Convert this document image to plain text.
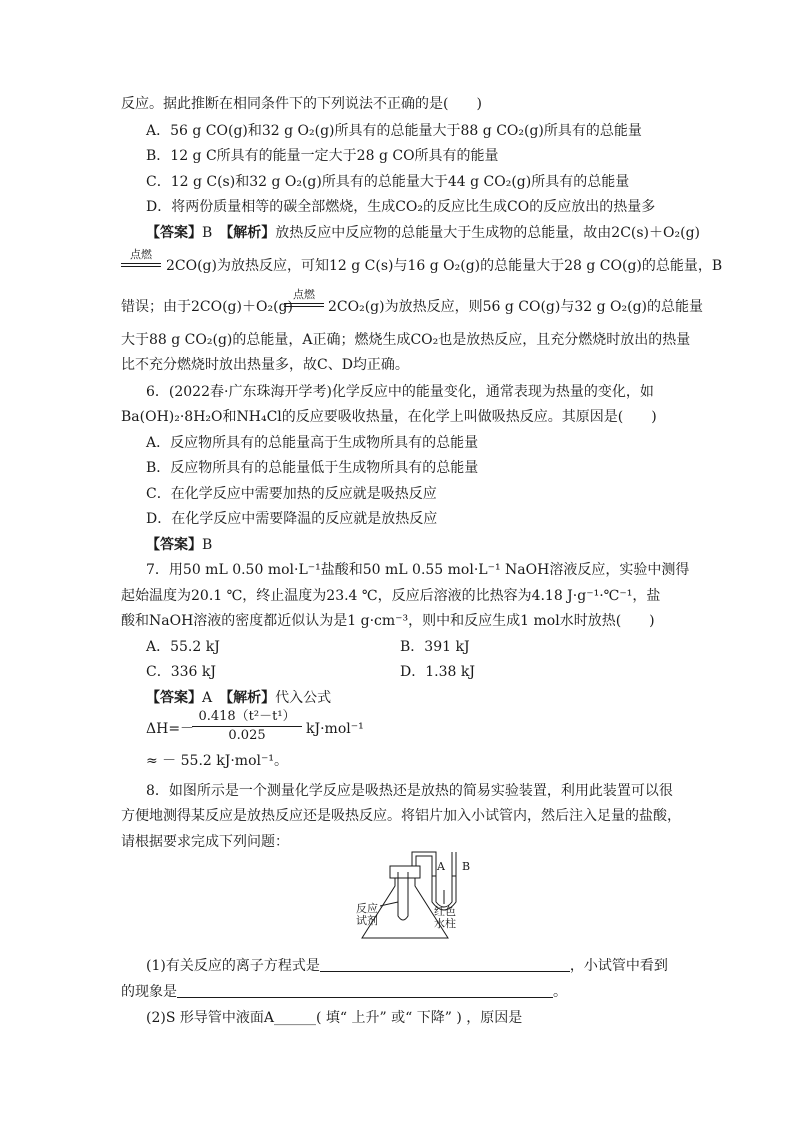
反应。据此推断在相同条件下的下列说法不正确的是(　　)
A．56 g CO(g)和32 g O₂(g)所具有的总能量大于88 g CO₂(g)所具有的总能量
B．12 g C所具有的能量一定大于28 g CO所具有的能量
C．12 g C(s)和32 g O₂(g)所具有的总能量大于44 g CO₂(g)所具有的总能量
D．将两份质量相等的碳全部燃烧，生成CO₂的反应比生成CO的反应放出的热量多
【答案】B　 【解析】放热反应中反应物的总能量大于生成物的总能量，故由2C(s)＋O₂(g)
点燃
2CO(g)为放热反应，可知12 g C(s)与16 g O₂(g)的总能量大于28 g CO(g)的总能量，B
错误；由于2CO(g)＋O₂(g)
点燃
2CO₂(g)为放热反应，则56 g CO(g)与32 g O₂(g)的总能量
大于88 g CO₂(g)的总能量，A正确；燃烧生成CO₂也是放热反应，且充分燃烧时放出的热量
比不充分燃烧时放出热量多，故C、D均正确。
6．(2022春·广东珠海开学考)化学反应中的能量变化，通常表现为热量的变化，如
Ba(OH)₂·8H₂O和NH₄Cl的反应要吸收热量，在化学上叫做吸热反应。其原因是(　　)
A．反应物所具有的总能量高于生成物所具有的总能量
B．反应物所具有的总能量低于生成物所具有的总能量
C．在化学反应中需要加热的反应就是吸热反应
D．在化学反应中需要降温的反应就是放热反应
【答案】B
7．用50 mL 0.50 mol·L⁻¹盐酸和50 mL 0.55 mol·L⁻¹ NaOH溶液反应，实验中测得
起始温度为20.1 ℃，终止温度为23.4 ℃，反应后溶液的比热容为4.18 J·g⁻¹·℃⁻¹，盐
酸和NaOH溶液的密度都近似认为是1 g·cm⁻³，则中和反应生成1 mol水时放热(　　)
A．55.2 kJ	B．391 kJ
C．336 kJ	D．1.38 kJ
【答案】A　 【解析】代入公式
ΔH=－
$\frac{\text{0.418（t²－t¹）}}{0.025} kJ\cdot mol^{-1}$
≈ － 55.2 kJ·mol⁻¹。
8．如图所示是一个测量化学反应是吸热还是放热的简易实验装置，利用此装置可以很
方便地测得某反应是放热反应还是吸热反应。将铝片加入小试管内，然后注入足量的盐酸，
请根据要求完成下列问题：
A B
反应
试剂
红色
水柱
(1)有关反应的离子方程式是	，小试管中看到
的现象是	。
(2)S 形导管中液面A______( 填“ 上升” 或“ 下降” ) ，原因是
